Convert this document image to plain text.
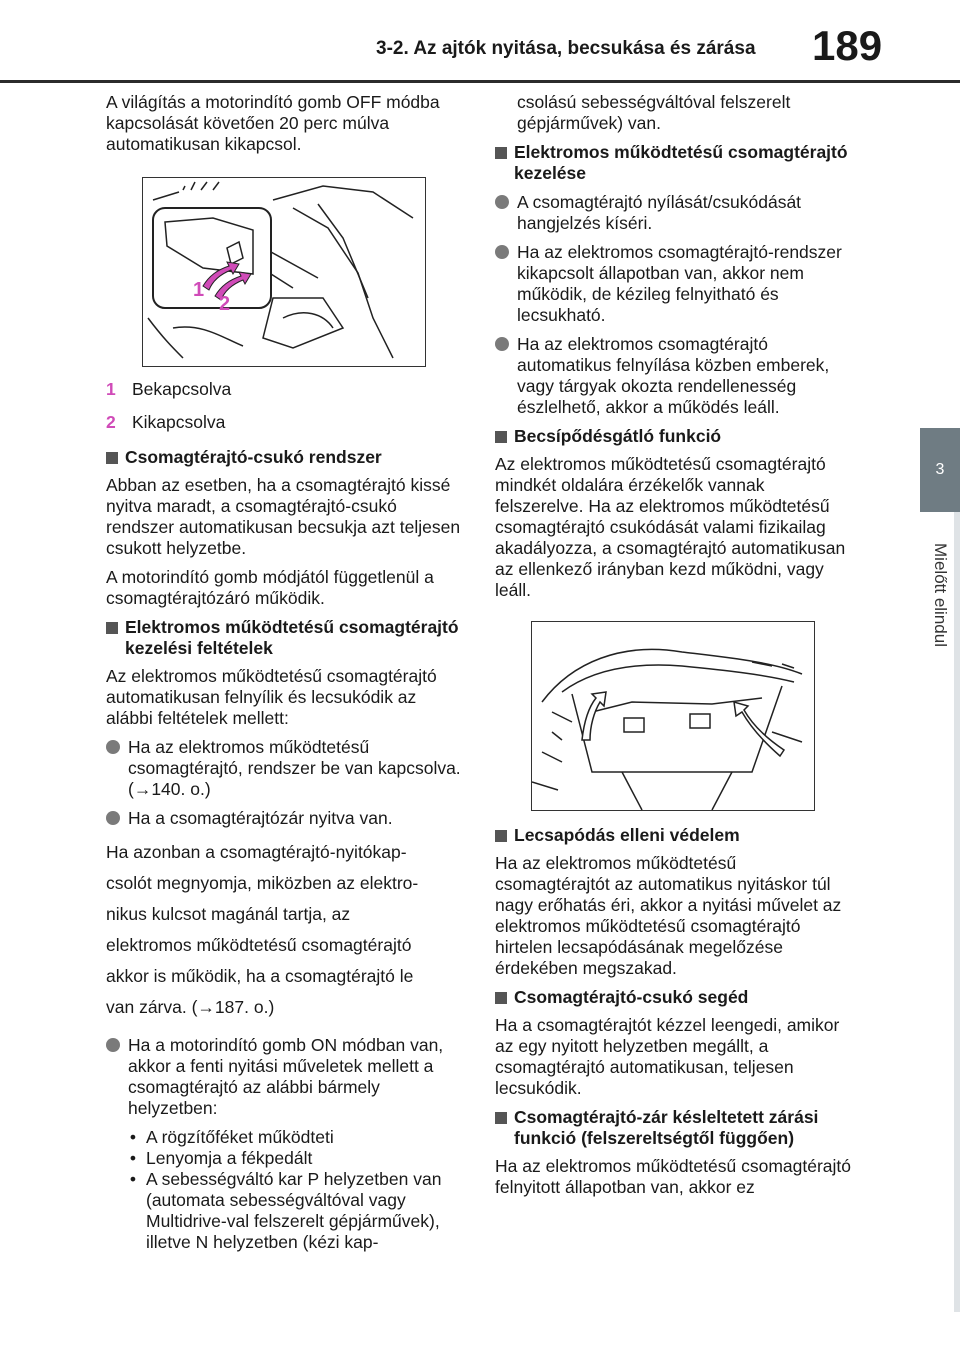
3-2. Az ajtók nyitása, becsukása és zárása 189
3
Mielőtt elindul

A világítás a motorindító gomb OFF módba kapcsolását követően 20 perc múlva automatikusan kikapcsol.

1
2
1 Bekapcsolva
2 Kikapcsolva
Csomagtérajtó-csukó rendszer

Abban az esetben, ha a csomagtérajtó kissé nyitva maradt, a csomagtérajtó-csukó rendszer automatikusan becsukja azt teljesen csukott helyzetbe.

A motorindító gomb módjától függetlenül a csomagtérajtózáró működik.

Elektromos működtetésű csomagtérajtó kezelési feltételek

Az elektromos működtetésű csomagtérajtó automatikusan felnyílik és lecsukódik az alábbi feltételek mellett:

Ha az elektromos működtetésű csomagtérajtó, rendszer be van kapcsolva. (→140. o.)
Ha a csomagtérajtózár nyitva van.

Ha azonban a csomagtérajtó-nyitókap-

csolót megnyomja, miközben az elektro-

nikus kulcsot magánál tartja, az

elektromos működtetésű csomagtérajtó

akkor is működik, ha a csomagtérajtó le

van zárva. (→187. o.)

Ha a motorindító gomb ON módban van, akkor a fenti nyitási műveletek mellett a csomagtérajtó az alábbi bármely helyzetben:
• A rögzítőféket működteti
• Lenyomja a fékpedált
• A sebességváltó kar P helyzetben van (automata sebességváltóval vagy Multidrive-val felszerelt gépjárművek), illetve N helyzetben (kézi kap-

csolású sebességváltóval felszerelt gépjárművek) van.

Elektromos működtetésű csomagtérajtó kezelése
A csomagtérajtó nyílását/csukódását hangjelzés kíséri.
Ha az elektromos csomagtérajtó-rendszer kikapcsolt állapotban van, akkor nem működik, de kézileg felnyitható és lecsukható.
Ha az elektromos csomagtérajtó automatikus felnyílása közben emberek, vagy tárgyak okozta rendellenesség észlelhető, akkor a működés leáll.
Becsípődésgátló funkció

Az elektromos működtetésű csomagtérajtó mindkét oldalára érzékelők vannak felszerelve. Ha az elektromos működtetésű csomagtérajtó csukódását valami fizikailag akadályozza, a csomagtérajtó automatikusan az ellenkező irányban kezd működni, vagy leáll.

Lecsapódás elleni védelem

Ha az elektromos működtetésű csomagtérajtót az automatikus nyitáskor túl nagy erőhatás éri, akkor a nyitási művelet az elektromos működtetésű csomagtérajtó hirtelen lecsapódásának megelőzése érdekében megszakad.

Csomagtérajtó-csukó segéd

Ha a csomagtérajtót kézzel leengedi, amikor az egy nyitott helyzetben megállt, a csomagtérajtó automatikusan, teljesen lecsukódik.

Csomagtérajtó-zár késleltetett zárási funkció (felszereltségtől függően)

Ha az elektromos működtetésű csomagtérajtó felnyitott állapotban van, akkor ez
